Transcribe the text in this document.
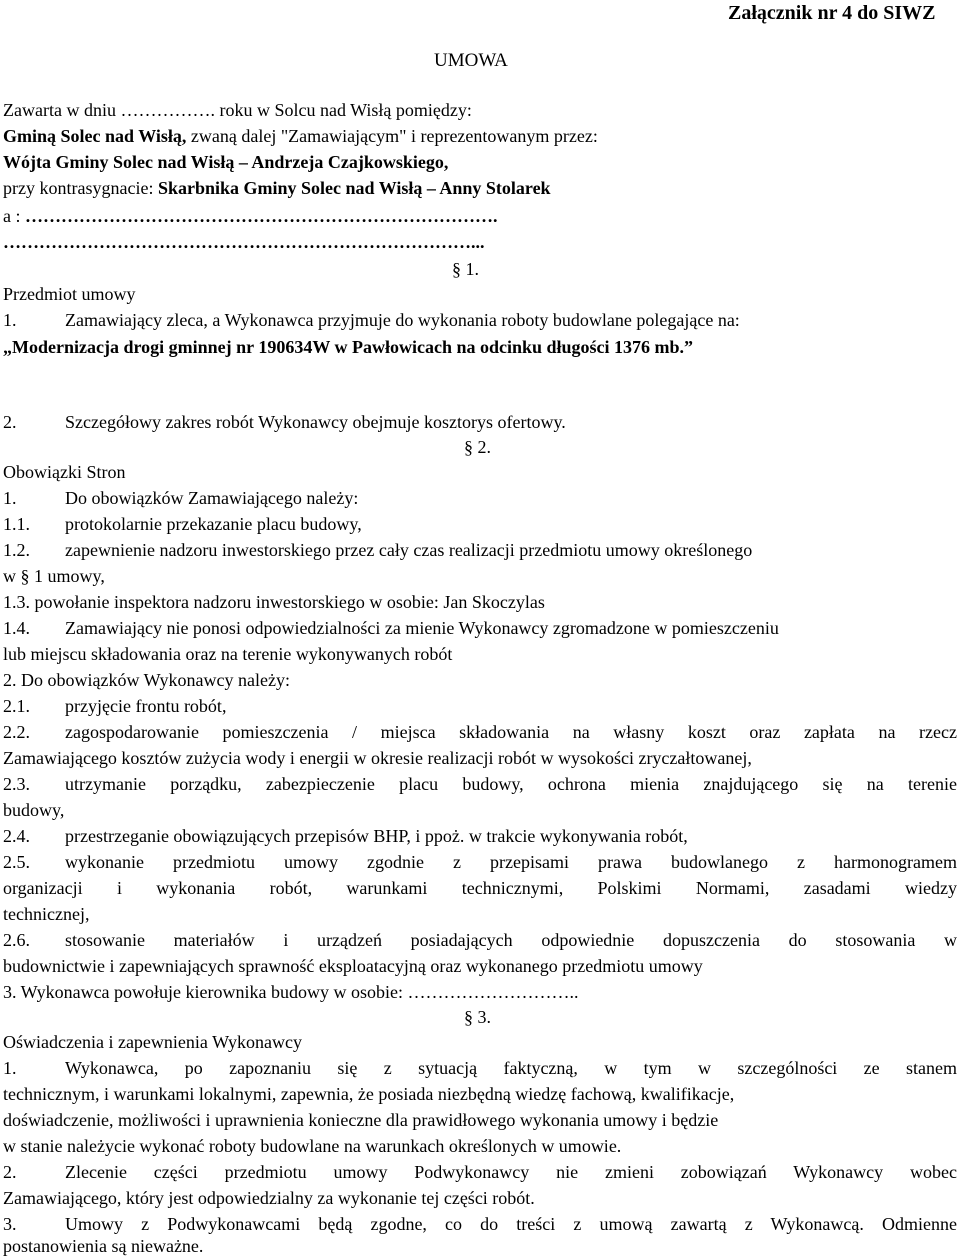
Załącznik nr 4 do SIWZ
UMOWA
Zawarta w dniu ……………. roku w Solcu nad Wisłą pomiędzy:
Gminą Solec nad Wisłą, zwaną dalej "Zamawiającym" i reprezentowanym przez:
Wójta Gminy Solec nad Wisłą – Andrzeja Czajkowskiego,
przy kontrasygnacie: Skarbnika Gminy Solec nad Wisłą – Anny Stolarek
a : …………………………………………………………………….
……………………………………………………………………...
§ 1.
Przedmiot umowy
1.	Zamawiający zleca, a Wykonawca przyjmuje do wykonania roboty budowlane polegające na:
„Modernizacja drogi gminnej nr 190634W w Pawłowicach na odcinku długości 1376 mb.”
2.	Szczegółowy zakres robót Wykonawcy obejmuje kosztorys ofertowy.
§ 2.
Obowiązki Stron
1.	Do obowiązków Zamawiającego należy:
1.1. protokolarnie przekazanie placu budowy,
1.2. zapewnienie nadzoru inwestorskiego przez cały czas realizacji przedmiotu umowy określonego
w § 1 umowy,
1.3. powołanie inspektora nadzoru inwestorskiego w osobie: Jan Skoczylas
1.4. Zamawiający nie ponosi odpowiedzialności za mienie Wykonawcy zgromadzone w pomieszczeniu
lub miejscu składowania oraz na terenie wykonywanych robót
2. Do obowiązków Wykonawcy należy:
2.1. przyjęcie frontu robót,
2.2. zagospodarowanie pomieszczenia / miejsca składowania na własny koszt oraz zapłata na rzecz
Zamawiającego kosztów zużycia wody i energii w okresie realizacji robót w wysokości zryczałtowanej,
2.3. utrzymanie porządku, zabezpieczenie placu budowy, ochrona mienia znajdującego się na terenie
budowy,
2.4. przestrzeganie obowiązujących przepisów BHP, i ppoż. w trakcie wykonywania robót,
2.5. wykonanie przedmiotu umowy zgodnie z przepisami prawa budowlanego z harmonogramem
organizacji i wykonania robót, warunkami technicznymi, Polskimi Normami, zasadami wiedzy
technicznej,
2.6. stosowanie materiałów i urządzeń posiadających odpowiednie dopuszczenia do stosowania w
budownictwie i zapewniających sprawność eksploatacyjną oraz wykonanego przedmiotu umowy
3. Wykonawca powołuje kierownika budowy w osobie: ………………………..
§ 3.
Oświadczenia i zapewnienia Wykonawcy
1.	Wykonawca, po zapoznaniu się z sytuacją faktyczną, w tym w szczególności ze stanem
technicznym, i warunkami lokalnymi, zapewnia, że posiada niezbędną wiedzę fachową, kwalifikacje,
doświadczenie, możliwości i uprawnienia konieczne dla prawidłowego wykonania umowy i będzie
w stanie należycie wykonać roboty budowlane na warunkach określonych w umowie.
2.	Zlecenie części przedmiotu umowy Podwykonawcy nie zmieni zobowiązań Wykonawcy wobec
Zamawiającego, który jest odpowiedzialny za wykonanie tej części robót.
3.	Umowy z Podwykonawcami będą zgodne, co do treści z umową zawartą z Wykonawcą. Odmienne
postanowienia są nieważne.
